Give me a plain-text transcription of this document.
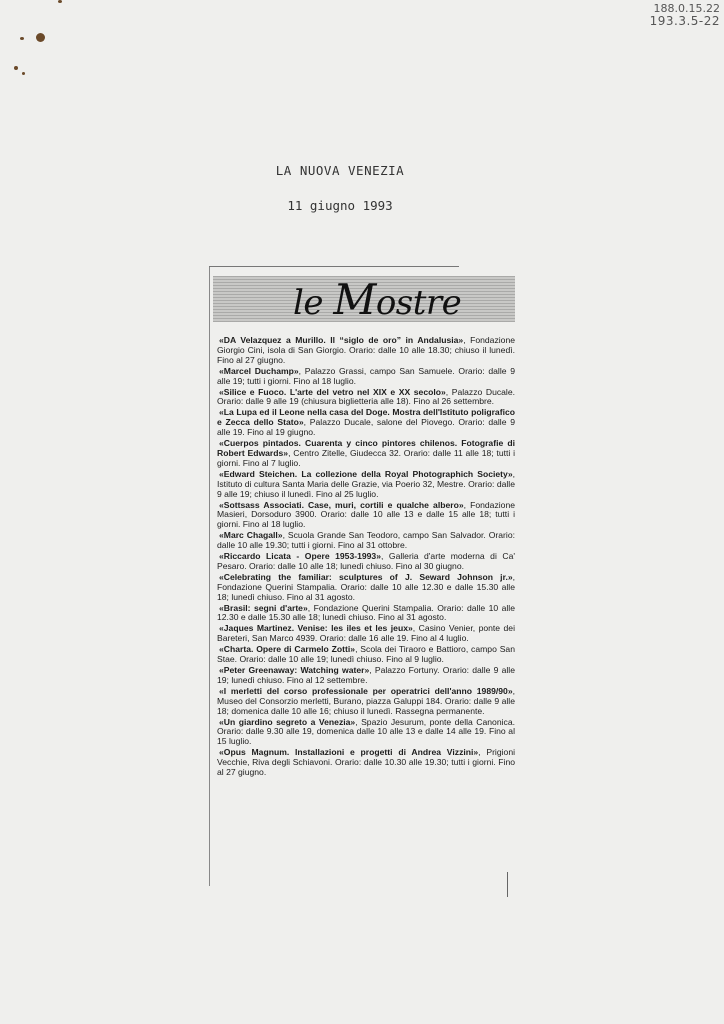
188.0.15.22
193.3.5-22
LA NUOVA VENEZIA
11 giugno 1993
le Mostre

«DA Velazquez a Murillo. Il “siglo de oro” in Andalusia», Fondazione Giorgio Cini, isola di San Giorgio. Orario: dalle 10 alle 18.30; chiuso il lunedì. Fino al 27 giugno.

«Marcel Duchamp», Palazzo Grassi, campo San Samuele. Orario: dalle 9 alle 19; tutti i giorni. Fino al 18 luglio.

«Silice e Fuoco. L'arte del vetro nel XIX e XX secolo», Palazzo Ducale. Orario: dalle 9 alle 19 (chiusura biglietteria alle 18). Fino al 26 settembre.

«La Lupa ed il Leone nella casa del Doge. Mostra dell'Istituto poligrafico e Zecca dello Stato», Palazzo Ducale, salone del Piovego. Orario: dalle 9 alle 19. Fino al 19 giugno.

«Cuerpos pintados. Cuarenta y cinco pintores chilenos. Fotografie di Robert Edwards», Centro Zitelle, Giudecca 32. Orario: dalle 11 alle 18; tutti i giorni. Fino al 7 luglio.

«Edward Steichen. La collezione della Royal Photographich Society», Istituto di cultura Santa Maria delle Grazie, via Poerio 32, Mestre. Orario: dalle 9 alle 19; chiuso il lunedì. Fino al 25 luglio.

«Sottsass Associati. Case, muri, cortili e qualche albero», Fondazione Masieri, Dorsoduro 3900. Orario: dalle 10 alle 13 e dalle 15 alle 18; tutti i giorni. Fino al 18 luglio.

«Marc Chagall», Scuola Grande San Teodoro, campo San Salvador. Orario: dalle 10 alle 19.30; tutti i giorni. Fino al 31 ottobre.

«Riccardo Licata - Opere 1953-1993», Galleria d'arte moderna di Ca' Pesaro. Orario: dalle 10 alle 18; lunedì chiuso. Fino al 30 giugno.

«Celebrating the familiar: sculptures of J. Seward Johnson jr.», Fondazione Querini Stampalia. Orario: dalle 10 alle 12.30 e dalle 15.30 alle 18; lunedì chiuso. Fino al 31 agosto.

«Brasil: segni d'arte», Fondazione Querini Stampalia. Orario: dalle 10 alle 12.30 e dalle 15.30 alle 18; lunedì chiuso. Fino al 31 agosto.

«Jaques Martinez. Venise: les iles et les jeux», Casino Venier, ponte dei Bareteri, San Marco 4939. Orario: dalle 16 alle 19. Fino al 4 luglio.

«Charta. Opere di Carmelo Zotti», Scola dei Tiraoro e Battioro, campo San Stae. Orario: dalle 10 alle 19; lunedì chiuso. Fino al 9 luglio.

«Peter Greenaway: Watching water», Palazzo Fortuny. Orario: dalle 9 alle 19; lunedì chiuso. Fino al 12 settembre.

«I merletti del corso professionale per operatrici dell'anno 1989/90», Museo del Consorzio merletti, Burano, piazza Galuppi 184. Orario: dalle 9 alle 18; domenica dalle 10 alle 16; chiuso il lunedì. Rassegna permanente.

«Un giardino segreto a Venezia», Spazio Jesurum, ponte della Canonica. Orario: dalle 9.30 alle 19, domenica dalle 10 alle 13 e dalle 14 alle 19. Fino al 15 luglio.

«Opus Magnum. Installazioni e progetti di Andrea Vizzini», Prigioni Vecchie, Riva degli Schiavoni. Orario: dalle 10.30 alle 19.30; tutti i giorni. Fino al 27 giugno.
